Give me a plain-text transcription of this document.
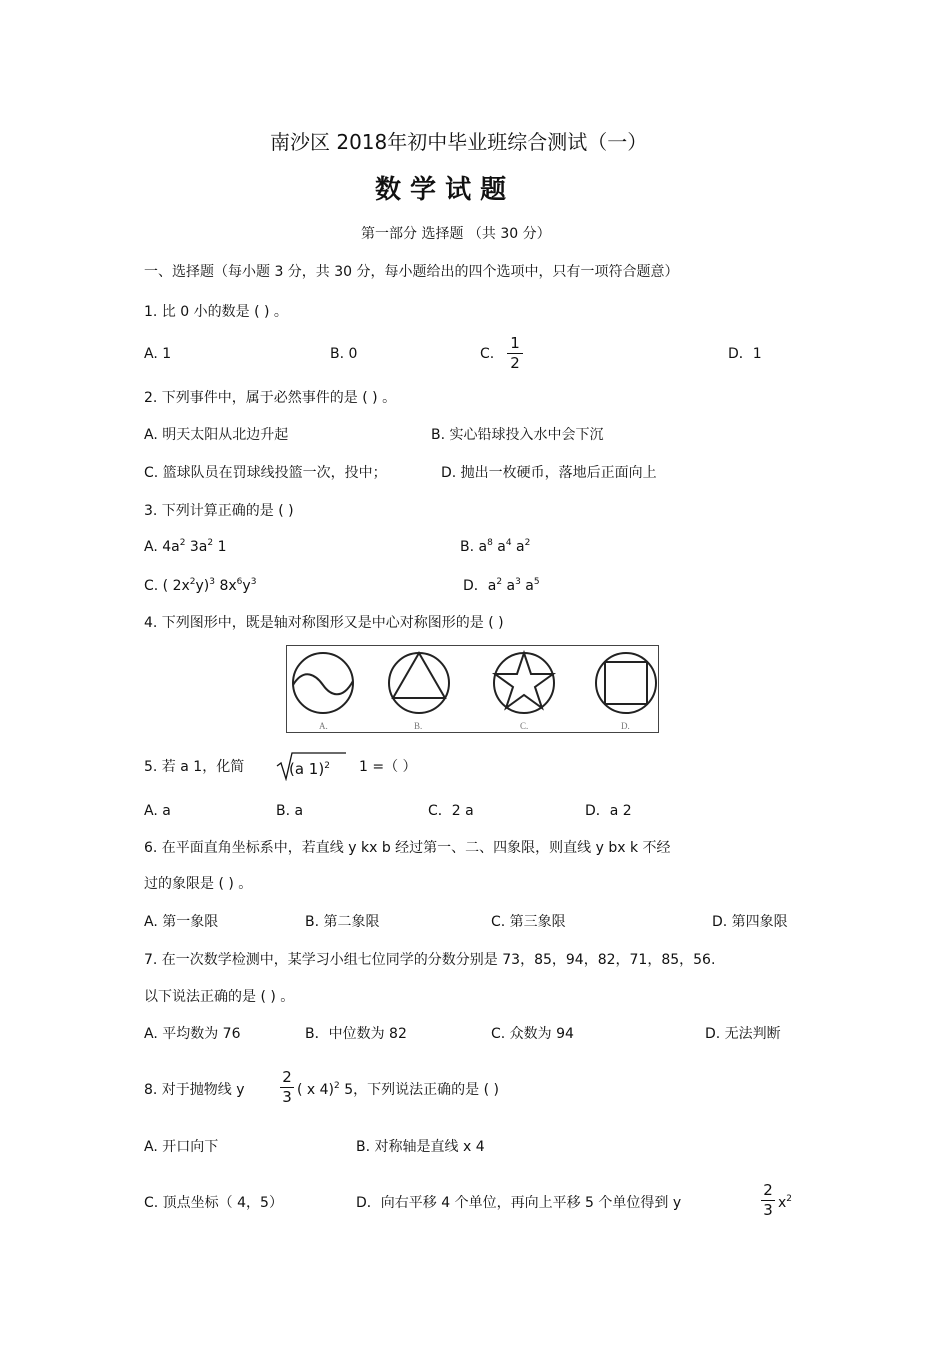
南沙区 2018年初中毕业班综合测试（一）
数 学 试 题
第一部分 选择题 （共 30 分）
一、选择题（每小题 3 分，共 30 分，每小题给出的四个选项中，只有一项符合题意）
1. 比 0 小的数是 ( ) 。
A. 1	B. 0	C.
1
2	D．1
2. 下列事件中，属于必然事件的是 ( ) 。
A. 明天太阳从北边升起	B. 实心铅球投入水中会下沉
C. 篮球队员在罚球线投篮一次，投中；	D. 抛出一枚硬币，落地后正面向上
3. 下列计算正确的是 ( )
A. $4a^2$ $3a^2$ 1	B. $a^8$ $a^4$ $a^2$
C. ( $2x^2y)^3$ $8x^6y^3$	D．$a^2$ $a^3$ $a^5$
4. 下列图形中，既是轴对称图形又是中心对称图形的是 ( )
A.	B.	C.	D.
5. 若 a 1，化简	(a 1)$^2$ 1 =（ ）
A. a	B. a	C．2 a	D．a 2
6. 在平面直角坐标系中，若直线 y kx b 经过第一、二、四象限，则直线 y bx k 不经
过的象限是 ( ) 。
A. 第一象限	B. 第二象限	C. 第三象限	D. 第四象限
7. 在一次数学检测中，某学习小组七位同学的分数分别是 73，85，94，82，71，85，56.
以下说法正确的是 ( ) 。
A. 平均数为 76	B．中位数为 82	C. 众数为 94	D. 无法判断
8. 对于抛物线 y
2
3 ( x 4)$^2$ 5，下列说法正确的是 ( )
A. 开口向下	B. 对称轴是直线 x 4
C. 顶点坐标（ 4，5）	D．向右平移 4 个单位，再向上平移 5 个单位得到 y
2
3 $x^2$
